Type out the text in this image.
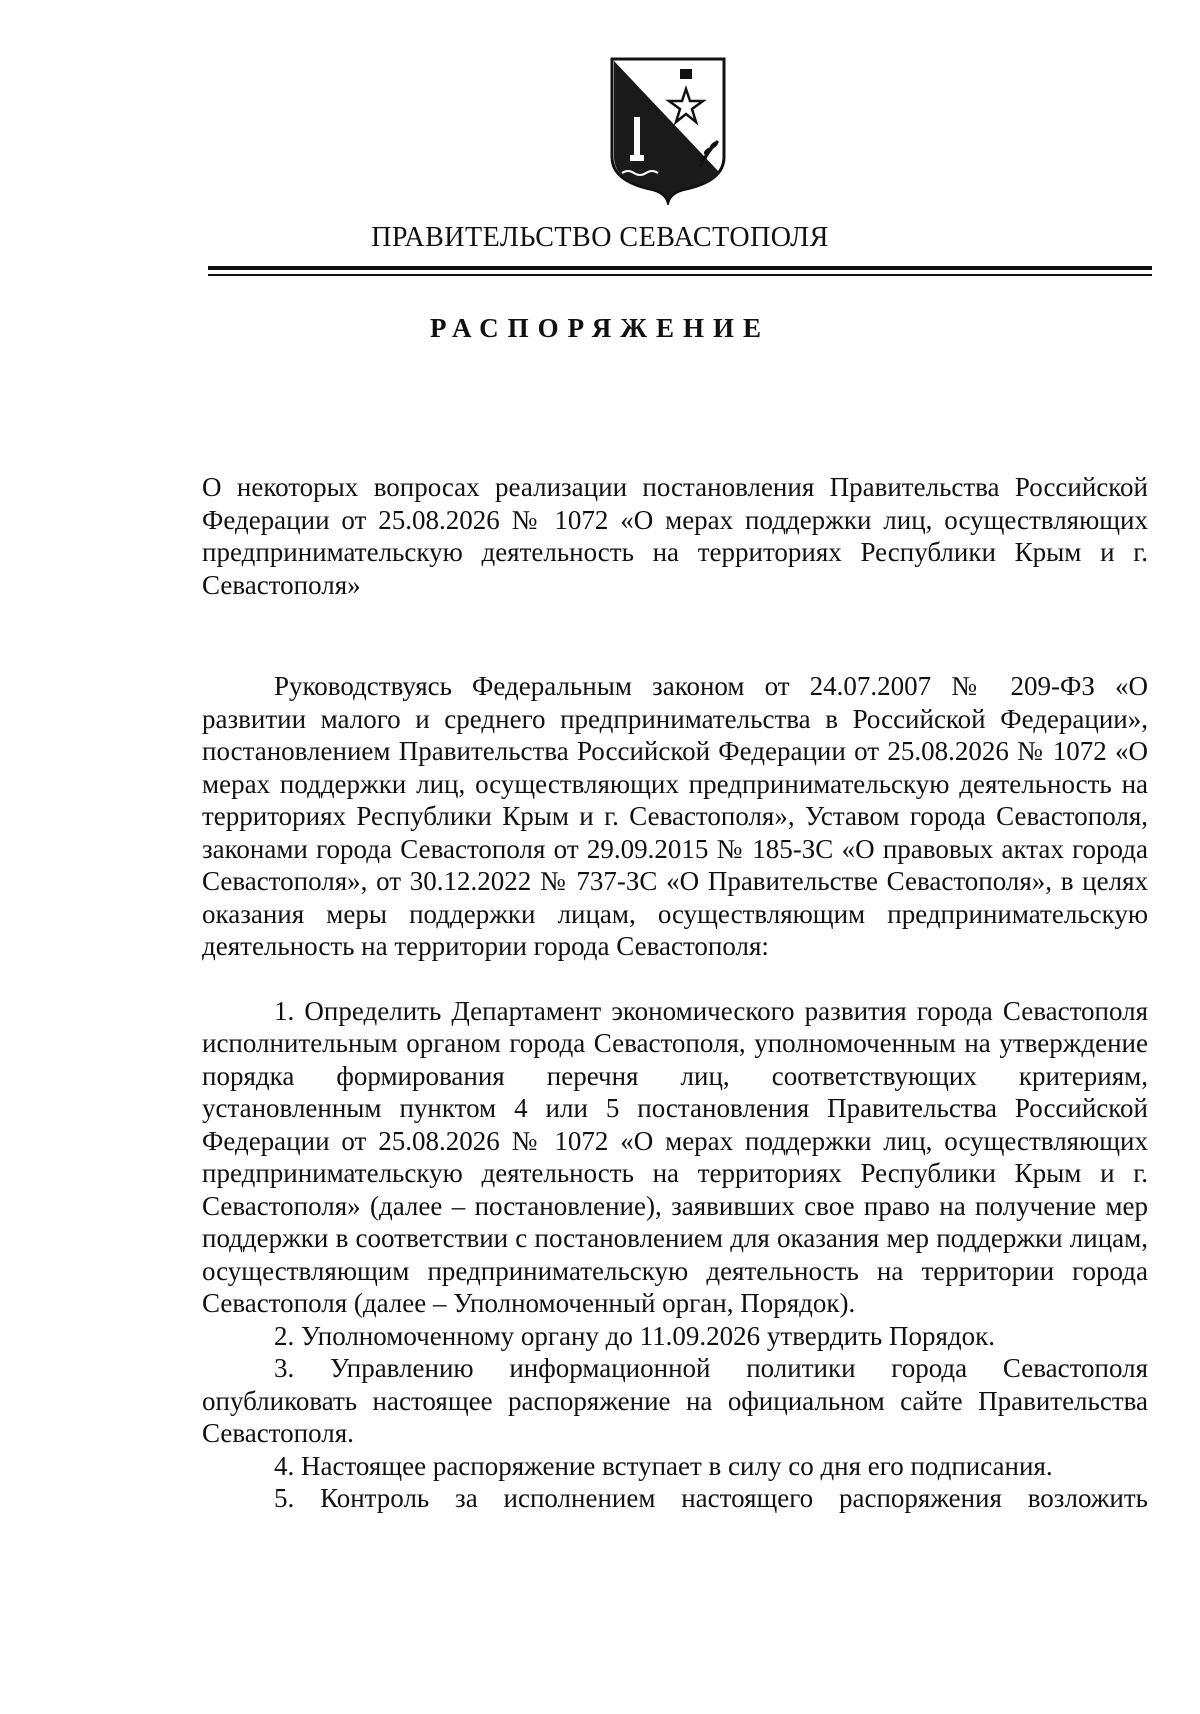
ПРАВИТЕЛЬСТВО СЕВАСТОПОЛЯ
РАСПОРЯЖЕНИЕ

О некоторых вопросах реализации постановления Правительства Российской Федерации от 25.08.2026 № 1072 «О мерах поддержки лиц, осуществляющих предпринимательскую деятельность на территориях Республики Крым и г. Севастополя»

Руководствуясь Федеральным законом от 24.07.2007 № 209-ФЗ «О развитии малого и среднего предпринимательства в Российской Федерации», постановлением Правительства Российской Федерации от 25.08.2026 № 1072 «О мерах поддержки лиц, осуществляющих предпринимательскую деятельность на территориях Республики Крым и г. Севастополя», Уставом города Севастополя, законами города Севастополя от 29.09.2015 № 185-ЗС «О правовых актах города Севастополя», от 30.12.2022 № 737-ЗС «О Правительстве Севастополя», в целях оказания меры поддержки лицам, осуществляющим предпринимательскую деятельность на территории города Севастополя:

1. Определить Департамент экономического развития города Севастополя исполнительным органом города Севастополя, уполномоченным на утверждение порядка формирования перечня лиц, соответствующих критериям, установленным пунктом 4 или 5 постановления Правительства Российской Федерации от 25.08.2026 № 1072 «О мерах поддержки лиц, осуществляющих предпринимательскую деятельность на территориях Республики Крым и г. Севастополя» (далее – постановление), заявивших свое право на получение мер поддержки в соответствии с постановлением для оказания мер поддержки лицам, осуществляющим предпринимательскую деятельность на территории города Севастополя (далее – Уполномоченный орган, Порядок).

2. Уполномоченному органу до 11.09.2026 утвердить Порядок.

3. Управлению информационной политики города Севастополя опубликовать настоящее распоряжение на официальном сайте Правительства Севастополя.

4. Настоящее распоряжение вступает в силу со дня его подписания.

5. Контроль за исполнением настоящего распоряжения возложить
